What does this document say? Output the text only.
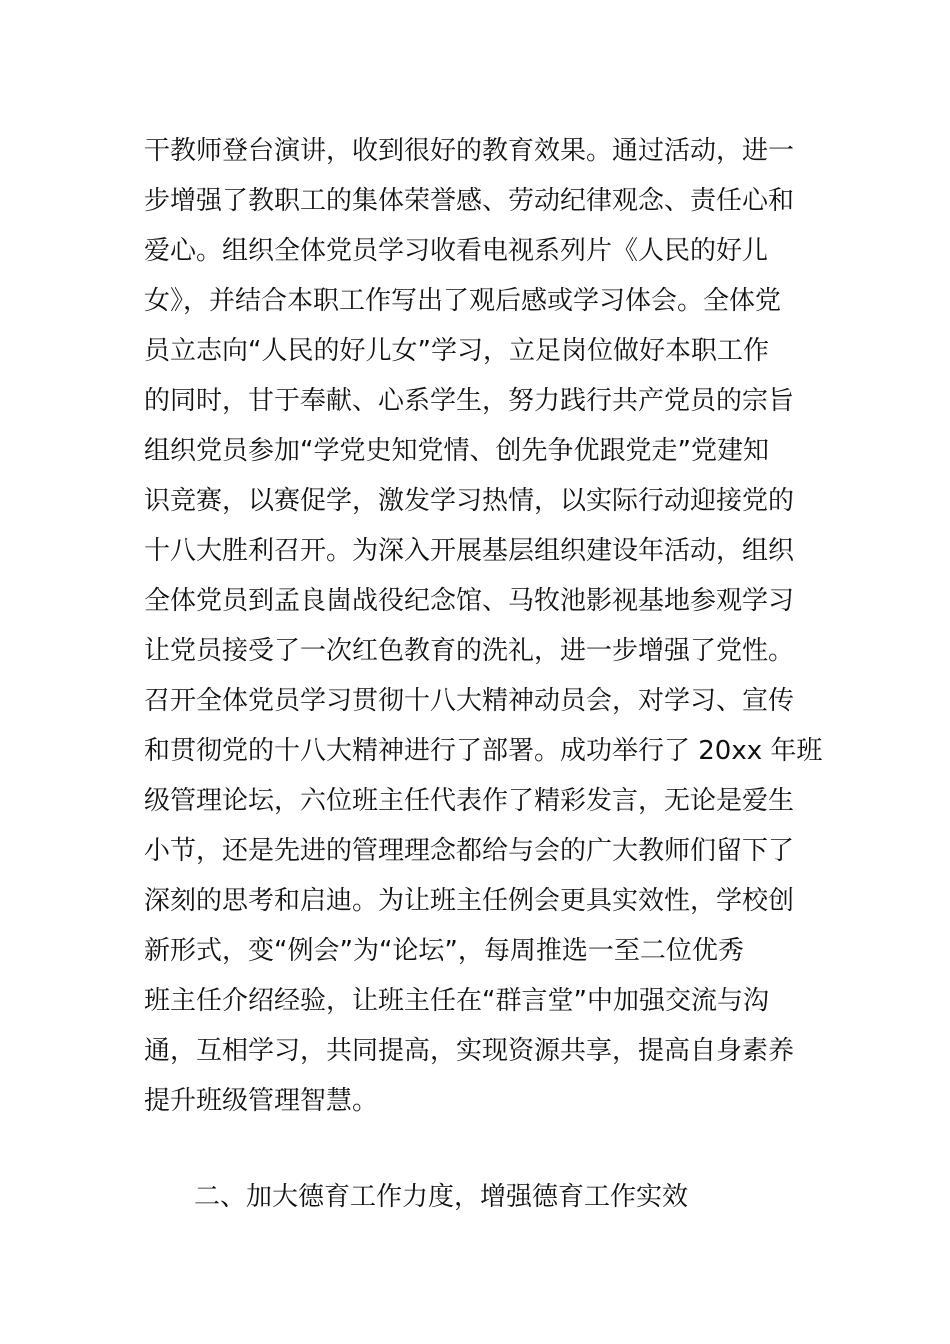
干教师登台演讲，收到很好的教育效果。通过活动，进一
步增强了教职工的集体荣誉感、劳动纪律观念、责任心和
爱心。组织全体党员学习收看电视系列片《人民的好儿
女》，并结合本职工作写出了观后感或学习体会。全体党
员立志向“人民的好儿女”学习，立足岗位做好本职工作
的同时，甘于奉献、心系学生，努力践行共产党员的宗旨
组织党员参加“学党史知党情、创先争优跟党走”党建知
识竞赛，以赛促学，激发学习热情，以实际行动迎接党的
十八大胜利召开。为深入开展基层组织建设年活动，组织
全体党员到孟良崮战役纪念馆、马牧池影视基地参观学习
让党员接受了一次红色教育的洗礼，进一步增强了党性。
召开全体党员学习贯彻十八大精神动员会，对学习、宣传
和贯彻党的十八大精神进行了部署。成功举行了 20xx 年班
级管理论坛，六位班主任代表作了精彩发言，无论是爱生
小节，还是先进的管理理念都给与会的广大教师们留下了
深刻的思考和启迪。为让班主任例会更具实效性，学校创
新形式，变“例会”为“论坛”，每周推选一至二位优秀
班主任介绍经验，让班主任在“群言堂”中加强交流与沟
通，互相学习，共同提高，实现资源共享，提高自身素养
提升班级管理智慧。
二、加大德育工作力度，增强德育工作实效
